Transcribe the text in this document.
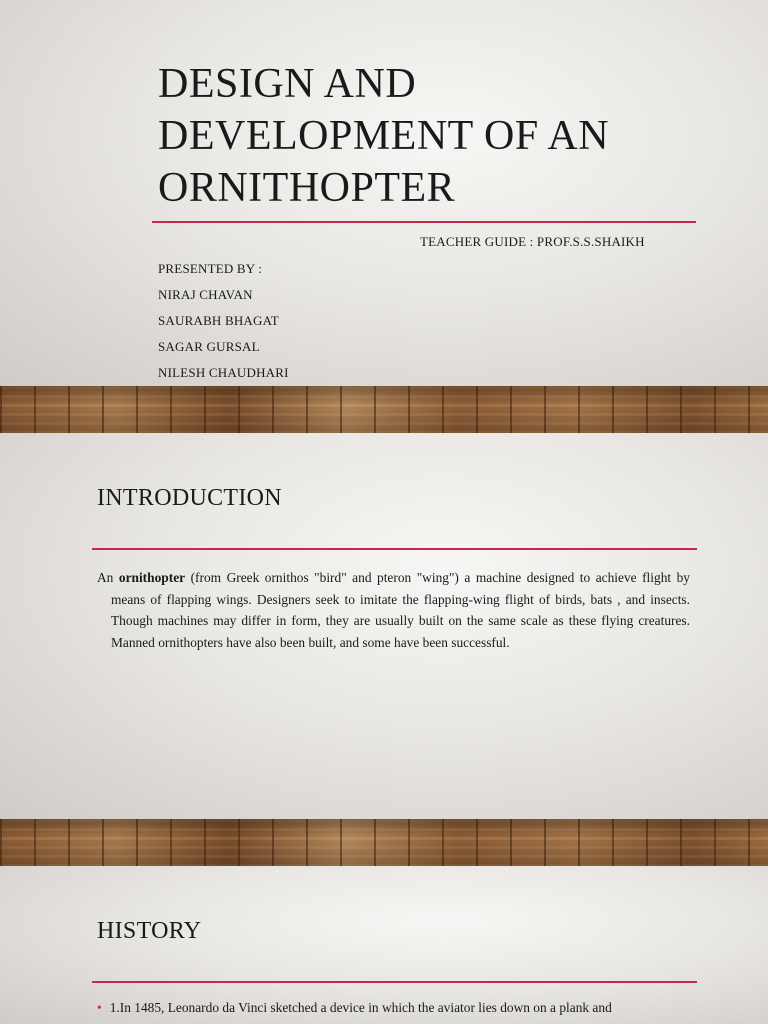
DESIGN AND
DEVELOPMENT OF AN
ORNITHOPTER
TEACHER GUIDE : PROF.S.S.SHAIKH
PRESENTED BY :
NIRAJ CHAVAN
SAURABH BHAGAT
SAGAR GURSAL
NILESH CHAUDHARI
INTRODUCTION
An ornithopter (from Greek ornithos "bird" and pteron "wing") a machine designed to achieve flight by means of flapping wings. Designers seek to imitate the flapping-wing flight of birds, bats , and insects. Though machines may differ in form, they are usually built on the same scale as these flying creatures. Manned ornithopters have also been built, and some have been successful.
HISTORY
• 1.In 1485, Leonardo da Vinci sketched a device in which the aviator lies down on a plank and
